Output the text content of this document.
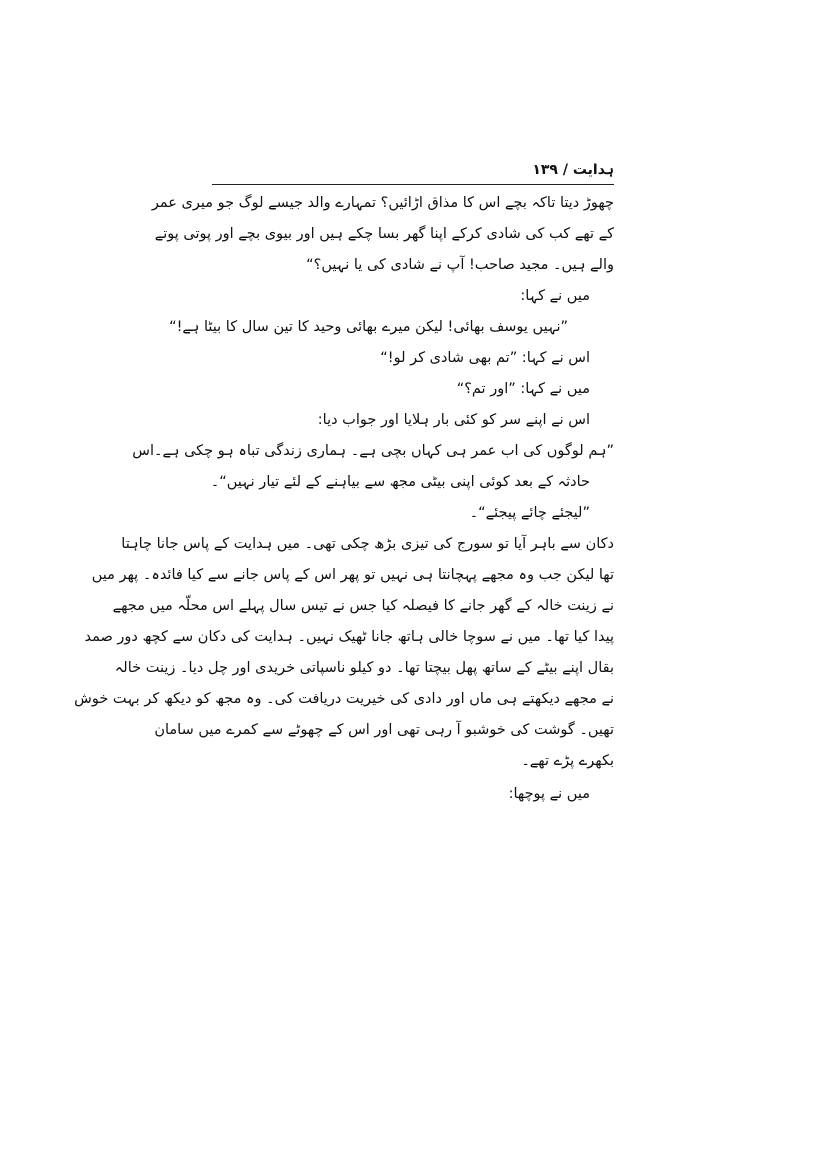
ہدایت / ۱۳۹
چھوڑ دیتا تاکہ بچے اس کا مذاق اڑائیں؟ تمہارے والد جیسے لوگ جو میری عمر
کے تھے کب کی شادی کرکے اپنا گھر بسا چکے ہیں اور بیوی بچے اور پوتی پوتے
والے ہیں۔ مجید صاحب! آپ نے شادی کی یا نہیں؟“
میں نے کہا:
”نہیں یوسف بھائی! لیکن میرے بھائی وحید کا تین سال کا بیٹا ہے!“
اس نے کہا: ”تم بھی شادی کر لو!“
میں نے کہا: ”اور تم؟“
اس نے اپنے سر کو کئی بار ہلایا اور جواب دیا:
”ہم لوگوں کی اب عمر ہی کہاں بچی ہے۔ ہماری زندگی تباہ ہو چکی ہے۔اس
حادثہ کے بعد کوئی اپنی بیٹی مجھ سے بیاہنے کے لئے تیار نہیں“۔
”لیجئے چائے پیجئے“۔
دکان سے باہر آیا تو سورج کی تیزی بڑھ چکی تھی۔ میں ہدایت کے پاس جانا چاہتا
تھا لیکن جب وہ مجھے پہچانتا ہی نہیں تو پھر اس کے پاس جانے سے کیا فائدہ۔ پھر میں
نے زینت خالہ کے گھر جانے کا فیصلہ کیا جس نے تیس سال پہلے اس محلّہ میں مجھے
پیدا کیا تھا۔ میں نے سوچا خالی ہاتھ جانا ٹھیک نہیں۔ ہدایت کی دکان سے کچھ دور صمد
بقال اپنے بیٹے کے ساتھ پھل بیچتا تھا۔ دو کیلو ناسپاتی خریدی اور چل دیا۔ زینت خالہ
نے مجھے دیکھتے ہی ماں اور دادی کی خیریت دریافت کی۔ وہ مجھ کو دیکھ کر بہت خوش
تھیں۔ گوشت کی خوشبو آ رہی تھی اور اس کے چھوٹے سے کمرے میں سامان
بکھرے پڑے تھے۔
میں نے پوچھا:
